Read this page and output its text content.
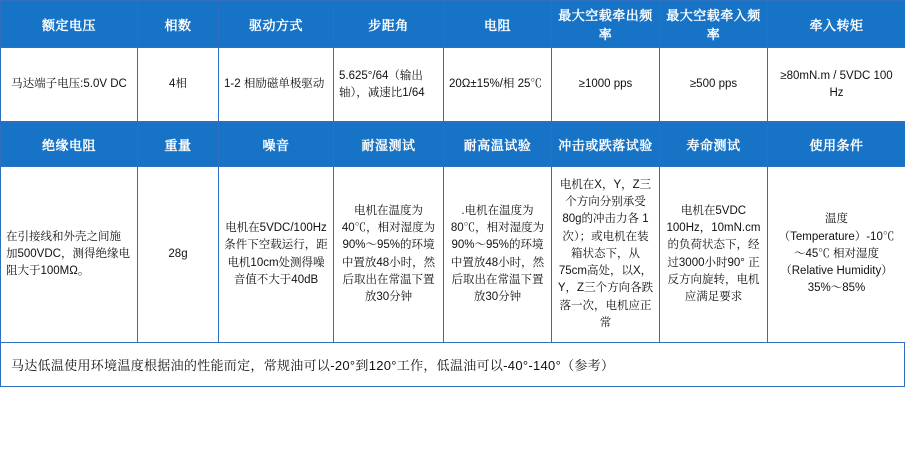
额定电压	相数	驱动方式	步距角	电阻	最大空载牵出频率	最大空载牵入频率	牵入转矩
马达端子电压:5.0V DC	4相	1-2 相励磁单极驱动	5.625°/64（输出轴），减速比1/64	20Ω±15%/相 25℃	≥1000 pps	≥500 pps	≥80mN.m / 5VDC 100 Hz
绝缘电阻	重量	噪音	耐湿测试	耐高温试验	冲击或跌落试验	寿命测试	使用条件
在引接线和外壳之间施加500VDC，测得绝缘电阻大于100MΩ。	28g	电机在5VDC/100Hz条件下空载运行，距电机10cm处测得噪音值不大于40dB	电机在温度为40℃，相对湿度为90%～95%的环境中置放48小时，然后取出在常温下置放30分钟	.电机在温度为80℃，相对湿度为90%～95%的环境中置放48小时，然后取出在常温下置放30分钟	电机在X，Y，Z三个方向分别承受80g的冲击力各 1次）；或电机在装箱状态下，从75cm高处，以X，Y，Z三个方向各跌落一次，电机应正常	电机在5VDC 100Hz，10mN.cm 的负荷状态下，经过3000小时90° 正反方向旋转，电机应满足要求	温度（Temperature）-10℃～45℃ 相对湿度（Relative Humidity） 35%～85%
马达低温使用环境温度根据油的性能而定，常规油可以-20°到120°工作，低温油可以-40°-140°（参考）
